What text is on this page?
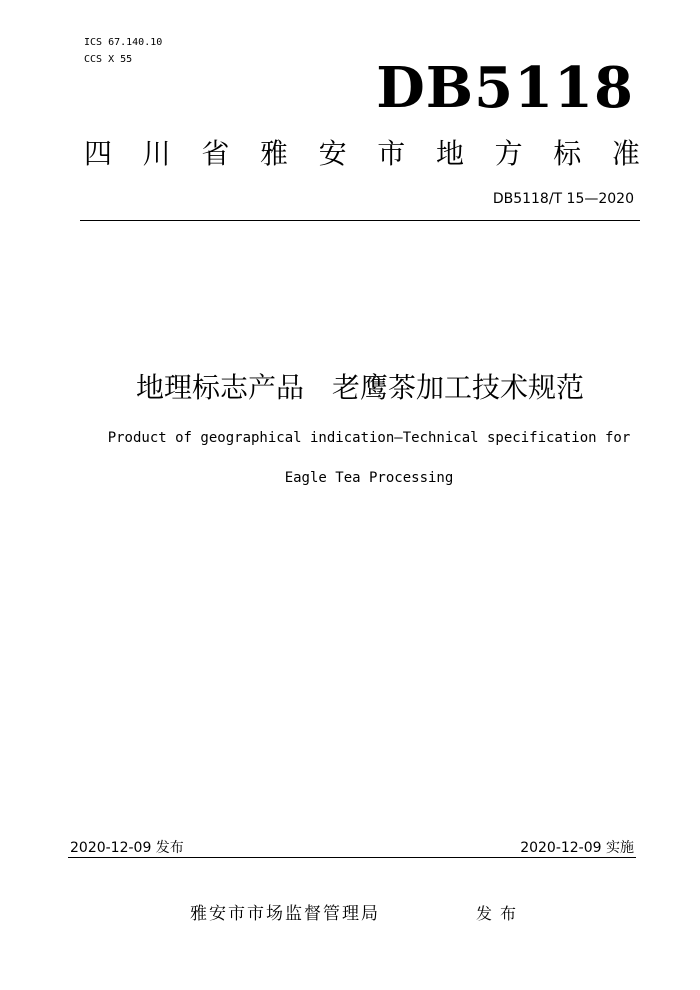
ICS 67.140.10
CCS X 55	DB5118
四 川 省 雅 安 市 地 方 标 准
DB5118/T 15—2020
地理标志产品　老鹰茶加工技术规范
Product of geographical indication—Technical specification for
Eagle Tea Processing
2020-12-09 发布	2020-12-09 实施
雅安市市场监督管理局	发布
